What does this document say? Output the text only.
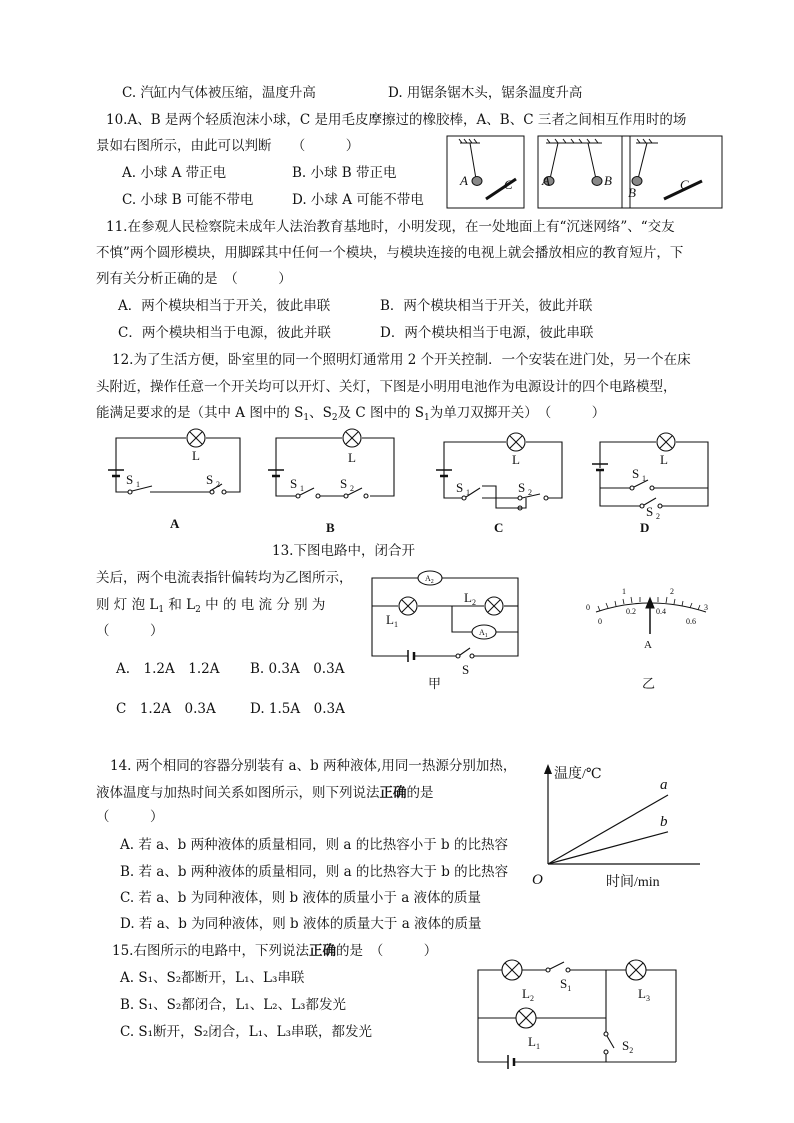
C. 汽缸内气体被压缩，温度升高	D. 用锯条锯木头，锯条温度升高
10.A、B 是两个轻质泡沫小球，C 是用毛皮摩擦过的橡胶棒，A、B、C 三者之间相互作用时的场
景如右图所示，由此可以判断　　 （　　　）
A. 小球 A 带正电	B. 小球 B 带正电
C. 小球 B 可能不带电	D. 小球 A 可能不带电
A	C A	B
B
C
11.在参观人民检察院未成年人法治教育基地时，小明发现，在一处地面上有“沉迷网络”、“交友
不慎”两个圆形模块，用脚踩其中任何一个模块，与模块连接的电视上就会播放相应的教育短片，下
列有关分析正确的是　（　　　）
A．两个模块相当于开关，彼此串联	B．两个模块相当于开关，彼此并联
C．两个模块相当于电源，彼此并联	D．两个模块相当于电源，彼此串联
12.为了生活方便，卧室里的同一个照明灯通常用 2 个开关控制．一个安装在进门处，另一个在床
头附近，操作任意一个开关均可以开灯、关灯，下图是小明用电池作为电源设计的四个电路模型，
能满足要求的是（其中 A 图中的 $S_1$、$S_2$及 C 图中的 $S_1$为单刀双掷开关）　（　　　）
L
S	S
A
L
S	S
B
L
S	S
C
L
S
S
D
1	2	1	2	1	2
1
2
13.下图电路中，闭合开
关后，两个电流表指针偏转均为乙图所示，
则 灯 泡 $L_1$ 和 $L_2$ 中 的 电 流 分 别 为
（　　　）
A.　1.2A　1.2A B. 0.3A　0.3A
C　1.2A　0.3A	D. 1.5A　0.3A
$A_2$
$A_1$
$L_1$
$L_2$
S
甲	乙
A
0
1	2
3
0
0.2	0.4
0.6
14. 两个相同的容器分别装有 a、b 两种液体,用同一热源分别加热，
液体温度与加热时间关系如图所示，则下列说法正确的是
（　　　）
A. 若 a、b 两种液体的质量相同，则 a 的比热容小于 b 的比热容
B. 若 a、b 两种液体的质量相同，则 a 的比热容大于 b 的比热容
C. 若 a、b 为同种液体，则 b 液体的质量小于 a 液体的质量
D. 若 a、b 为同种液体，则 b 液体的质量大于 a 液体的质量
温度/℃
时间/min
O
a
b
15.右图所示的电路中，下列说法正确的是　 （　　　）
A. S₁、S₂都断开，L₁、L₃串联
B. S₁、S₂都闭合，L₁、L₂、L₃都发光
C. S₁断开，S₂闭合，L₁、L₃串联，都发光
$L_2$
$S_1$	$L_3$
$L_1$	$S_2$
